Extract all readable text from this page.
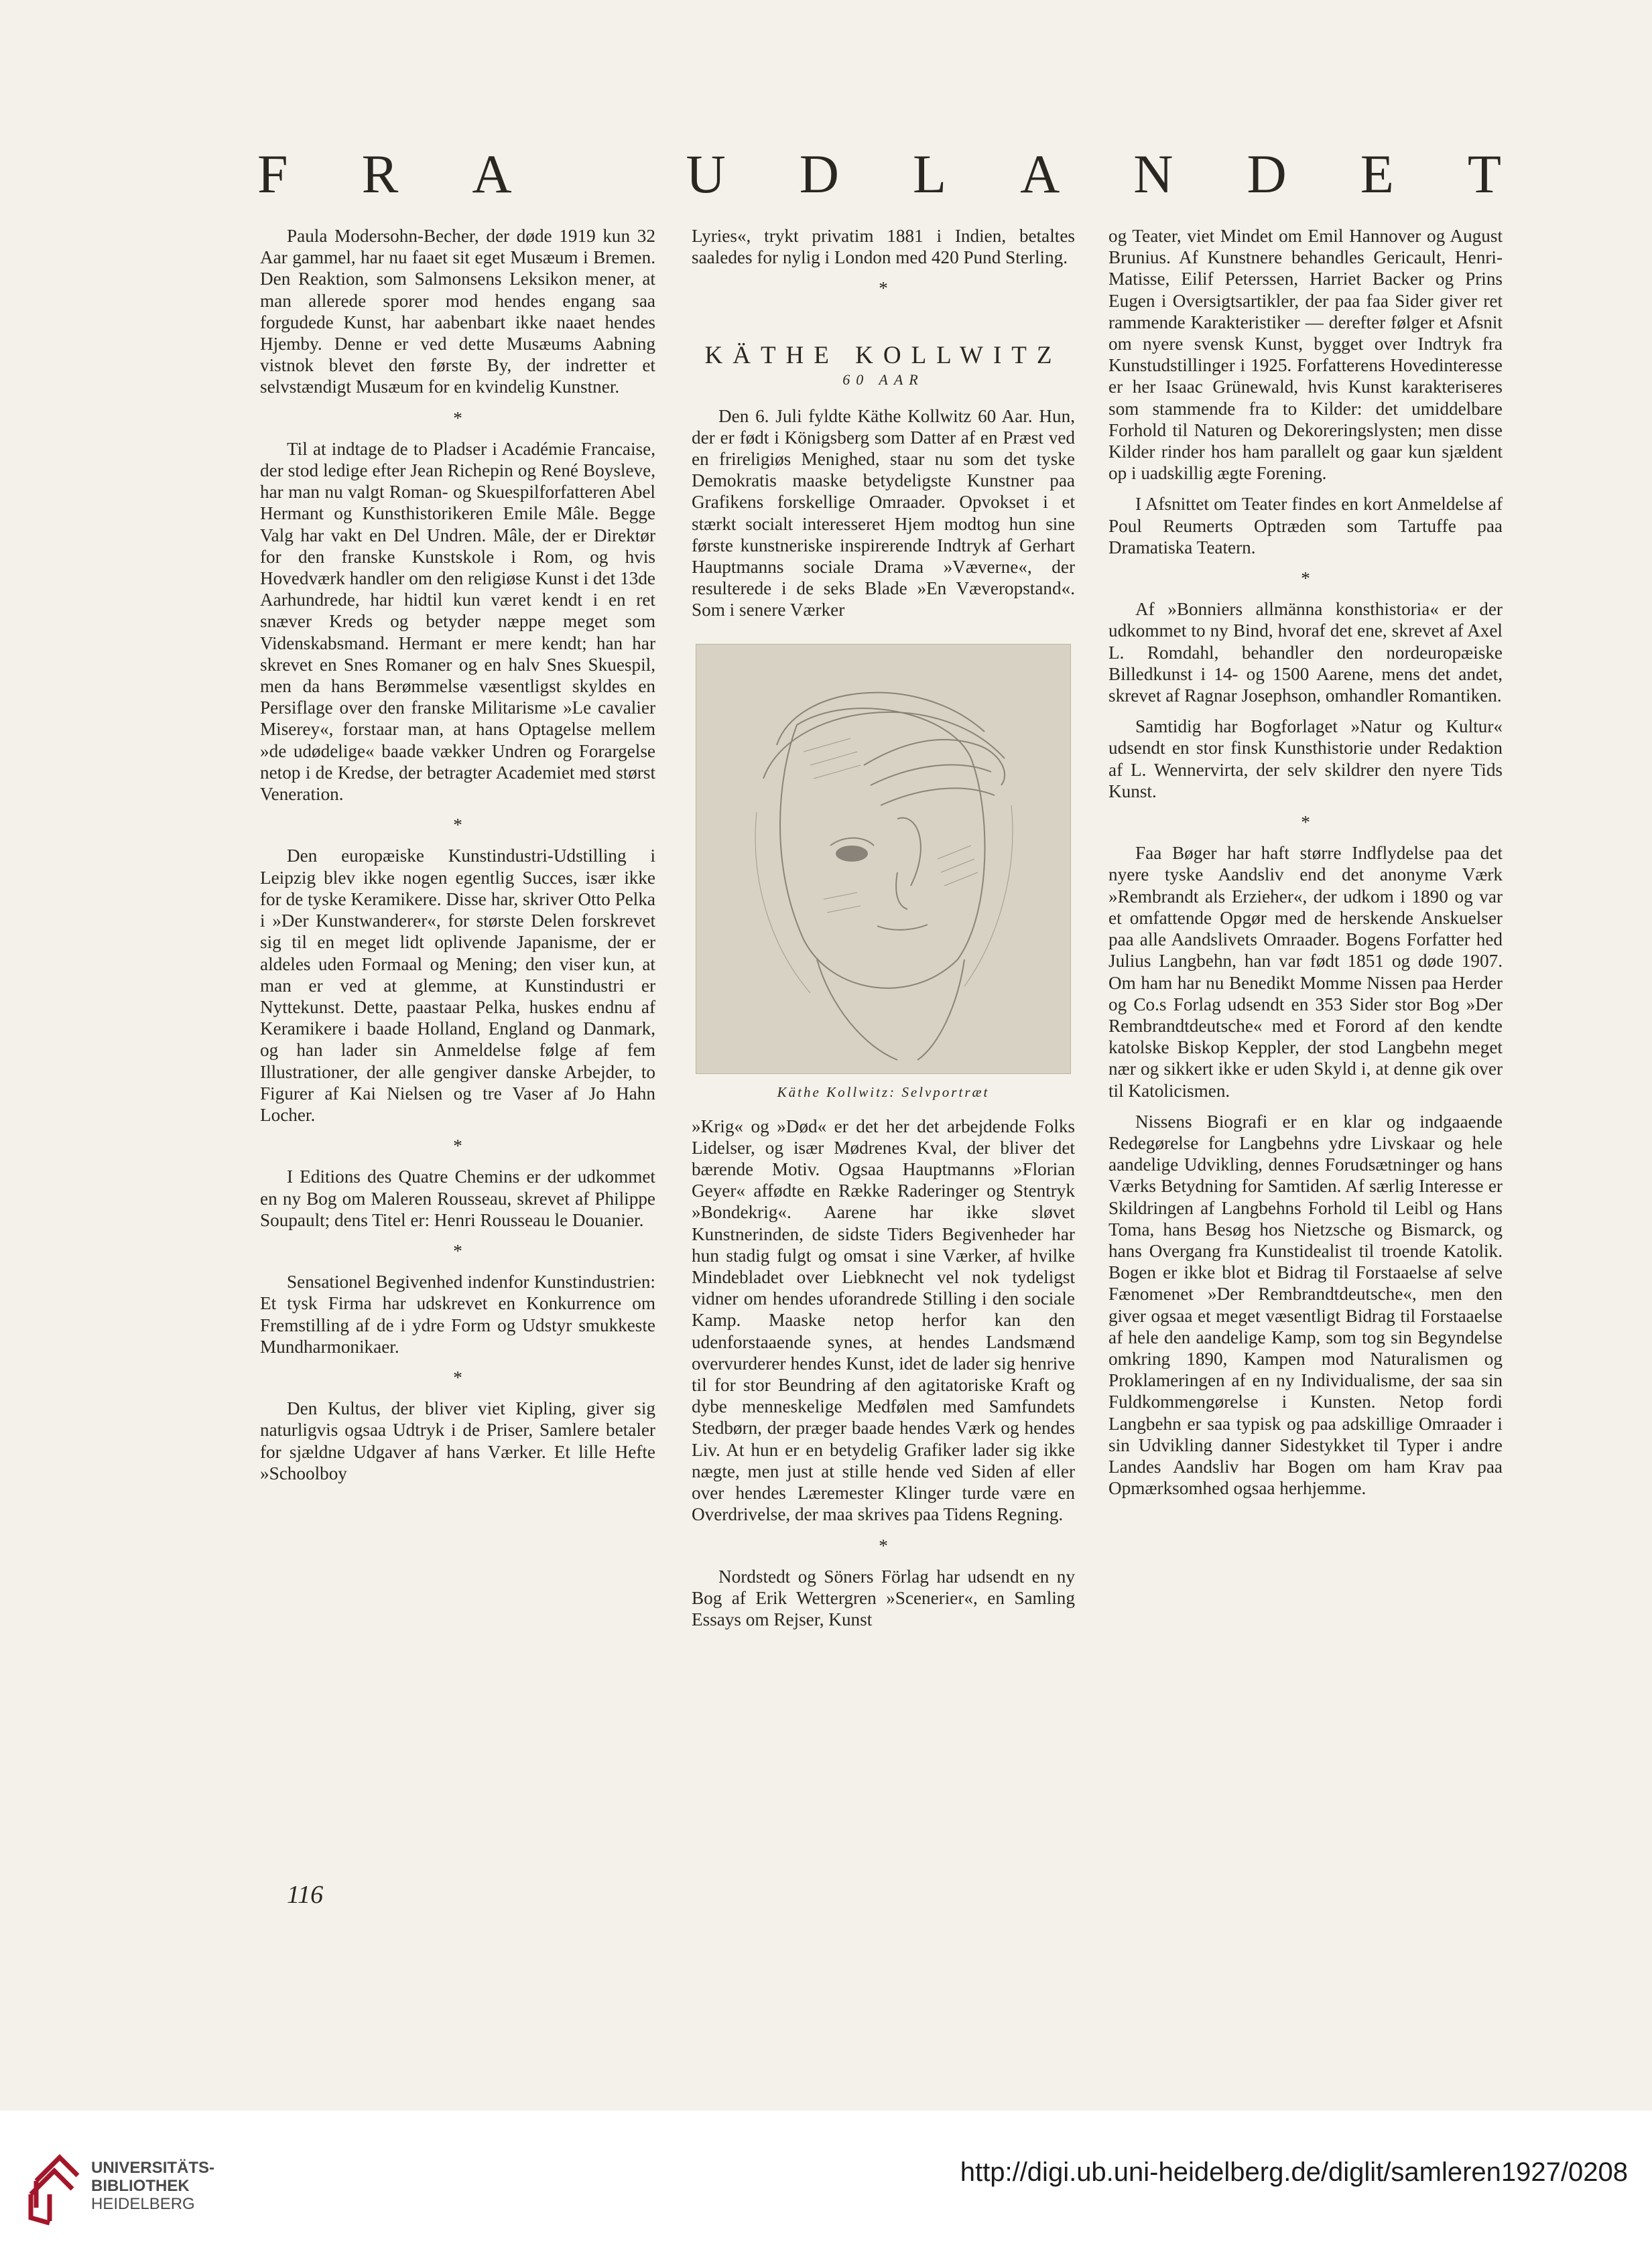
F R A	U D L A N D E T

Paula Modersohn-Becher, der døde 1919 kun 32 Aar gammel, har nu faaet sit eget Musæum i Bremen. Den Reaktion, som Salmonsens Leksikon mener, at man allerede sporer mod hendes engang saa forgudede Kunst, har aabenbart ikke naaet hendes Hjemby. Denne er ved dette Musæums Aabning vistnok blevet den første By, der indretter et selvstændigt Musæum for en kvindelig Kunstner.

*

Til at indtage de to Pladser i Académie Francaise, der stod ledige efter Jean Richepin og René Boysleve, har man nu valgt Roman- og Skuespilforfatteren Abel Hermant og Kunsthistorikeren Emile Mâle. Begge Valg har vakt en Del Undren. Mâle, der er Direktør for den franske Kunstskole i Rom, og hvis Hovedværk handler om den religiøse Kunst i det 13de Aarhundrede, har hidtil kun været kendt i en ret snæver Kreds og betyder næppe meget som Videnskabsmand. Hermant er mere kendt; han har skrevet en Snes Romaner og en halv Snes Skuespil, men da hans Berømmelse væsentligst skyldes en Persiflage over den franske Militarisme »Le cavalier Miserey«, forstaar man, at hans Optagelse mellem »de udødelige« baade vækker Undren og Forargelse netop i de Kredse, der betragter Academiet med størst Veneration.

*

Den europæiske Kunstindustri-Udstilling i Leipzig blev ikke nogen egentlig Succes, især ikke for de tyske Keramikere. Disse har, skriver Otto Pelka i »Der Kunstwanderer«, for største Delen forskrevet sig til en meget lidt oplivende Japanisme, der er aldeles uden Formaal og Mening; den viser kun, at man er ved at glemme, at Kunstindustri er Nyttekunst. Dette, paastaar Pelka, huskes endnu af Keramikere i baade Holland, England og Danmark, og han lader sin Anmeldelse følge af fem Illustrationer, der alle gengiver danske Arbejder, to Figurer af Kai Nielsen og tre Vaser af Jo Hahn Locher.

*

I Editions des Quatre Chemins er der udkommet en ny Bog om Maleren Rousseau, skrevet af Philippe Soupault; dens Titel er: Henri Rousseau le Douanier.

*

Sensationel Begivenhed indenfor Kunstindustrien: Et tysk Firma har udskrevet en Konkurrence om Fremstilling af de i ydre Form og Udstyr smukkeste Mundharmonikaer.

*

Den Kultus, der bliver viet Kipling, giver sig naturligvis ogsaa Udtryk i de Priser, Samlere betaler for sjældne Udgaver af hans Værker. Et lille Hefte »Schoolboy

Lyries«, trykt privatim 1881 i Indien, betaltes saaledes for nylig i London med 420 Pund Sterling.

*

KÄTHE KOLLWITZ
60 AAR

Den 6. Juli fyldte Käthe Kollwitz 60 Aar. Hun, der er født i Königsberg som Datter af en Præst ved en frireligiøs Menighed, staar nu som det tyske Demokratis maaske betydeligste Kunstner paa Grafikens forskellige Omraader. Opvokset i et stærkt socialt interesseret Hjem modtog hun sine første kunstneriske inspirerende Indtryk af Gerhart Hauptmanns sociale Drama »Væverne«, der resulterede i de seks Blade »En Væveropstand«. Som i senere Værker

Käthe Kollwitz: Selvportræt

»Krig« og »Død« er det her det arbejdende Folks Lidelser, og især Mødrenes Kval, der bliver det bærende Motiv. Ogsaa Hauptmanns »Florian Geyer« affødte en Række Raderinger og Stentryk »Bondekrig«. Aarene har ikke sløvet Kunstnerinden, de sidste Tiders Begivenheder har hun stadig fulgt og omsat i sine Værker, af hvilke Mindebladet over Liebknecht vel nok tydeligst vidner om hendes uforandrede Stilling i den sociale Kamp. Maaske netop herfor kan den udenforstaaende synes, at hendes Landsmænd overvurderer hendes Kunst, idet de lader sig henrive til for stor Beundring af den agitatoriske Kraft og dybe menneskelige Medfølen med Samfundets Stedbørn, der præger baade hendes Værk og hendes Liv. At hun er en betydelig Grafiker lader sig ikke nægte, men just at stille hende ved Siden af eller over hendes Læremester Klinger turde være en Overdrivelse, der maa skrives paa Tidens Regning.

*

Nordstedt og Söners Förlag har udsendt en ny Bog af Erik Wettergren »Scenerier«, en Samling Essays om Rejser, Kunst

og Teater, viet Mindet om Emil Hannover og August Brunius. Af Kunstnere behandles Gericault, Henri-Matisse, Eilif Peterssen, Harriet Backer og Prins Eugen i Oversigtsartikler, der paa faa Sider giver ret rammende Karakteristiker — derefter følger et Afsnit om nyere svensk Kunst, bygget over Indtryk fra Kunstudstillinger i 1925. Forfatterens Hovedinteresse er her Isaac Grünewald, hvis Kunst karakteriseres som stammende fra to Kilder: det umiddelbare Forhold til Naturen og Dekoreringslysten; men disse Kilder rinder hos ham parallelt og gaar kun sjældent op i uadskillig ægte Forening.

I Afsnittet om Teater findes en kort Anmeldelse af Poul Reumerts Optræden som Tartuffe paa Dramatiska Teatern.

*

Af »Bonniers allmänna konsthistoria« er der udkommet to ny Bind, hvoraf det ene, skrevet af Axel L. Romdahl, behandler den nordeuropæiske Billedkunst i 14- og 1500 Aarene, mens det andet, skrevet af Ragnar Josephson, omhandler Romantiken.

Samtidig har Bogforlaget »Natur og Kultur« udsendt en stor finsk Kunsthistorie under Redaktion af L. Wennervirta, der selv skildrer den nyere Tids Kunst.

*

Faa Bøger har haft større Indflydelse paa det nyere tyske Aandsliv end det anonyme Værk »Rembrandt als Erzieher«, der udkom i 1890 og var et omfattende Opgør med de herskende Anskuelser paa alle Aandslivets Omraader. Bogens Forfatter hed Julius Langbehn, han var født 1851 og døde 1907. Om ham har nu Benedikt Momme Nissen paa Herder og Co.s Forlag udsendt en 353 Sider stor Bog »Der Rembrandtdeutsche« med et Forord af den kendte katolske Biskop Keppler, der stod Langbehn meget nær og sikkert ikke er uden Skyld i, at denne gik over til Katolicismen.

Nissens Biografi er en klar og indgaaende Redegørelse for Langbehns ydre Livskaar og hele aandelige Udvikling, dennes Forudsætninger og hans Værks Betydning for Samtiden. Af særlig Interesse er Skildringen af Langbehns Forhold til Leibl og Hans Toma, hans Besøg hos Nietzsche og Bismarck, og hans Overgang fra Kunstidealist til troende Katolik. Bogen er ikke blot et Bidrag til Forstaaelse af selve Fænomenet »Der Rembrandtdeutsche«, men den giver ogsaa et meget væsentligt Bidrag til Forstaaelse af hele den aandelige Kamp, som tog sin Begyndelse omkring 1890, Kampen mod Naturalismen og Proklameringen af en ny Individualisme, der saa sin Fuldkommengørelse i Kunsten. Netop fordi Langbehn er saa typisk og paa adskillige Omraader i sin Udvikling danner Sidestykket til Typer i andre Landes Aandsliv har Bogen om ham Krav paa Opmærksomhed ogsaa herhjemme.

116
UNIVERSITÄTS-
BIBLIOTHEK
HEIDELBERG
http://digi.ub.uni-heidelberg.de/diglit/samleren1927/0208
